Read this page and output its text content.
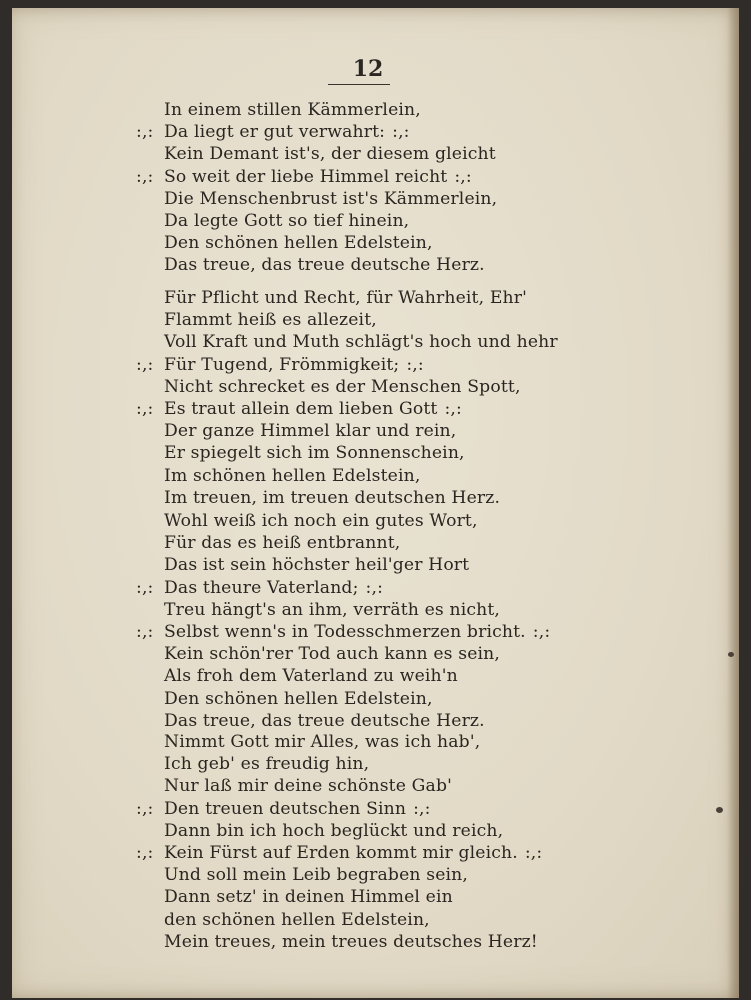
12
In einem stillen Kämmerlein,
:,: Da liegt er gut verwahrt: :,:
Kein Demant ist's, der diesem gleicht
:,: So weit der liebe Himmel reicht :,:
Die Menschenbrust ist's Kämmerlein,
Da legte Gott so tief hinein,
Den schönen hellen Edelstein,
Das treue, das treue deutsche Herz.
Für Pflicht und Recht, für Wahrheit, Ehr'
Flammt heiß es allezeit,
Voll Kraft und Muth schlägt's hoch und hehr
:,: Für Tugend, Frömmigkeit; :,:
Nicht schrecket es der Menschen Spott,
:,: Es traut allein dem lieben Gott :,:
Der ganze Himmel klar und rein,
Er spiegelt sich im Sonnenschein,
Im schönen hellen Edelstein,
Im treuen, im treuen deutschen Herz.
Wohl weiß ich noch ein gutes Wort,
Für das es heiß entbrannt,
Das ist sein höchster heil'ger Hort
:,: Das theure Vaterland; :,:
Treu hängt's an ihm, verräth es nicht,
:,: Selbst wenn's in Todesschmerzen bricht. :,:
Kein schön'rer Tod auch kann es sein,
Als froh dem Vaterland zu weih'n
Den schönen hellen Edelstein,
Das treue, das treue deutsche Herz.
Nimmt Gott mir Alles, was ich hab',
Ich geb' es freudig hin,
Nur laß mir deine schönste Gab'
:,: Den treuen deutschen Sinn :,:
Dann bin ich hoch beglückt und reich,
:,: Kein Fürst auf Erden kommt mir gleich. :,:
Und soll mein Leib begraben sein,
Dann setz' in deinen Himmel ein
den schönen hellen Edelstein,
Mein treues, mein treues deutsches Herz!
